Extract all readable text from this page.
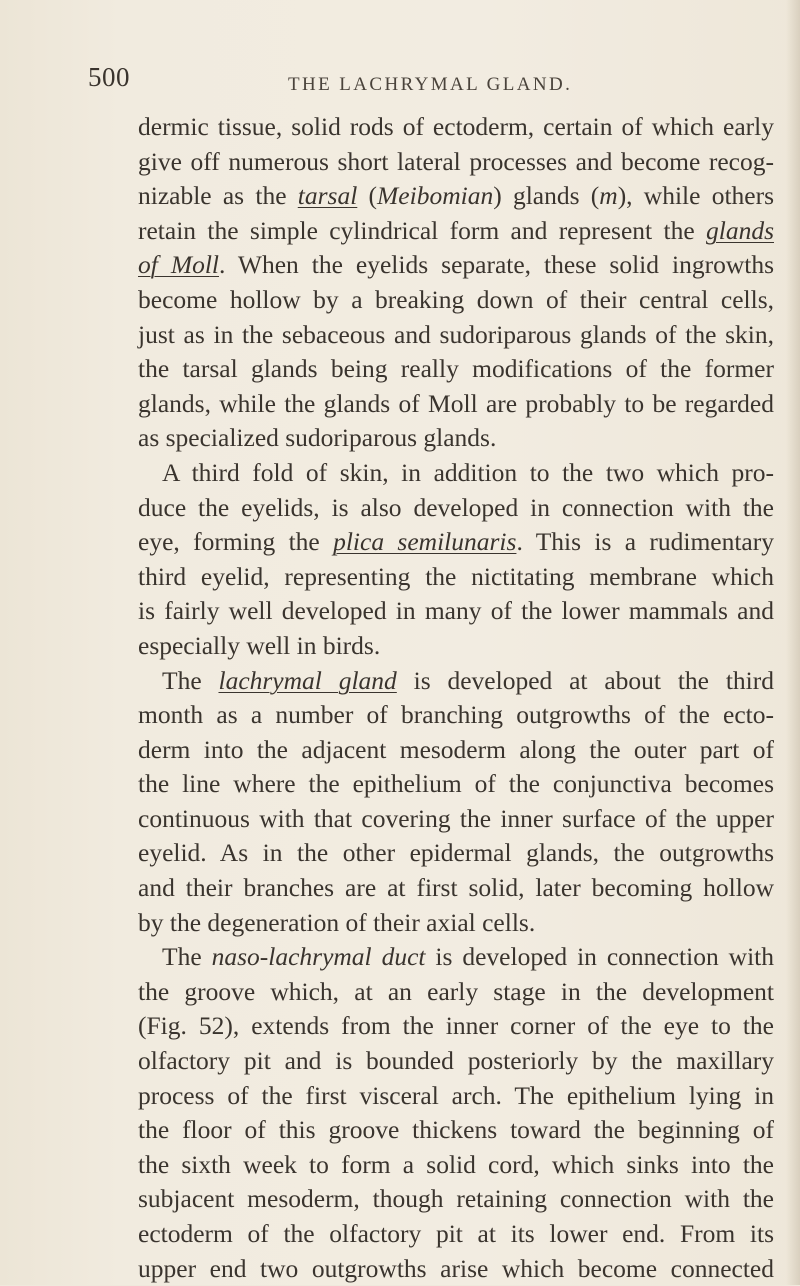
500	THE LACHRYMAL GLAND.
dermic tissue, solid rods of ectoderm, certain of which early
give off numerous short lateral processes and become recog-
nizable as the tarsal (Meibomian) glands (m), while others
retain the simple cylindrical form and represent the glands
of Moll. When the eyelids separate, these solid ingrowths
become hollow by a breaking down of their central cells,
just as in the sebaceous and sudoriparous glands of the skin,
the tarsal glands being really modifications of the former
glands, while the glands of Moll are probably to be regarded
as specialized sudoriparous glands.
A third fold of skin, in addition to the two which pro-
duce the eyelids, is also developed in connection with the
eye, forming the plica semilunaris. This is a rudimentary
third eyelid, representing the nictitating membrane which
is fairly well developed in many of the lower mammals and
especially well in birds.
The lachrymal gland is developed at about the third
month as a number of branching outgrowths of the ecto-
derm into the adjacent mesoderm along the outer part of
the line where the epithelium of the conjunctiva becomes
continuous with that covering the inner surface of the upper
eyelid. As in the other epidermal glands, the outgrowths
and their branches are at first solid, later becoming hollow
by the degeneration of their axial cells.
The naso-lachrymal duct is developed in connection with
the groove which, at an early stage in the development
(Fig. 52), extends from the inner corner of the eye to the
olfactory pit and is bounded posteriorly by the maxillary
process of the first visceral arch. The epithelium lying in
the floor of this groove thickens toward the beginning of
the sixth week to form a solid cord, which sinks into the
subjacent mesoderm, though retaining connection with the
ectoderm of the olfactory pit at its lower end. From its
upper end two outgrowths arise which become connected
